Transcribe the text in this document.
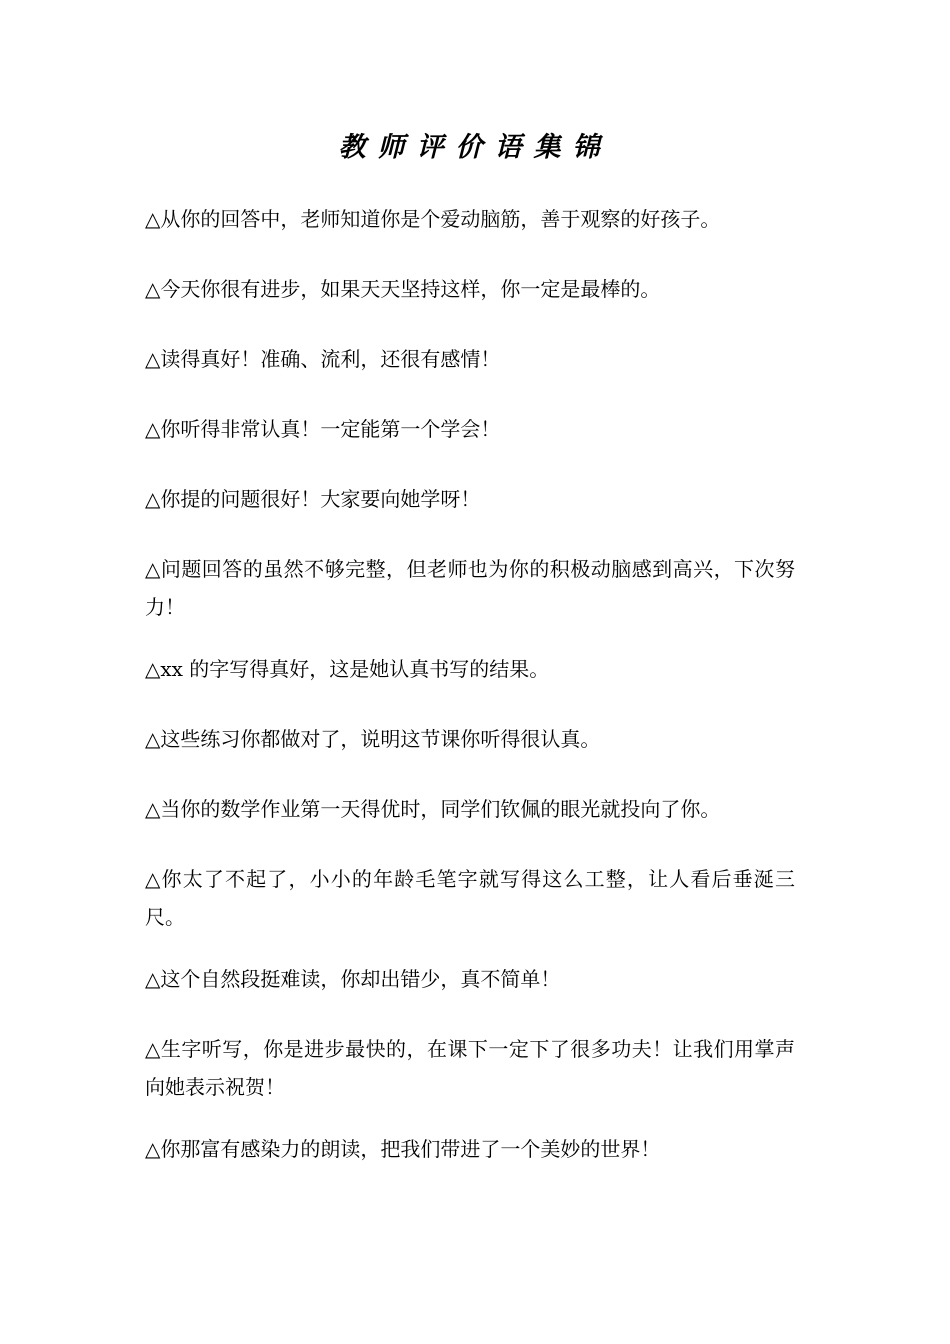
教师评价语集锦

△从你的回答中，老师知道你是个爱动脑筋，善于观察的好孩子。

△今天你很有进步，如果天天坚持这样，你一定是最棒的。

△读得真好！准确、流利，还很有感情！

△你听得非常认真！一定能第一个学会！

△你提的问题很好！大家要向她学呀！

△问题回答的虽然不够完整，但老师也为你的积极动脑感到高兴，下次努力！

△xx 的字写得真好，这是她认真书写的结果。

△这些练习你都做对了，说明这节课你听得很认真。

△当你的数学作业第一天得优时，同学们钦佩的眼光就投向了你。

△你太了不起了，小小的年龄毛笔字就写得这么工整，让人看后垂涎三尺。

△这个自然段挺难读，你却出错少，真不简单！

△生字听写，你是进步最快的，在课下一定下了很多功夫！让我们用掌声向她表示祝贺！

△你那富有感染力的朗读，把我们带进了一个美妙的世界！
